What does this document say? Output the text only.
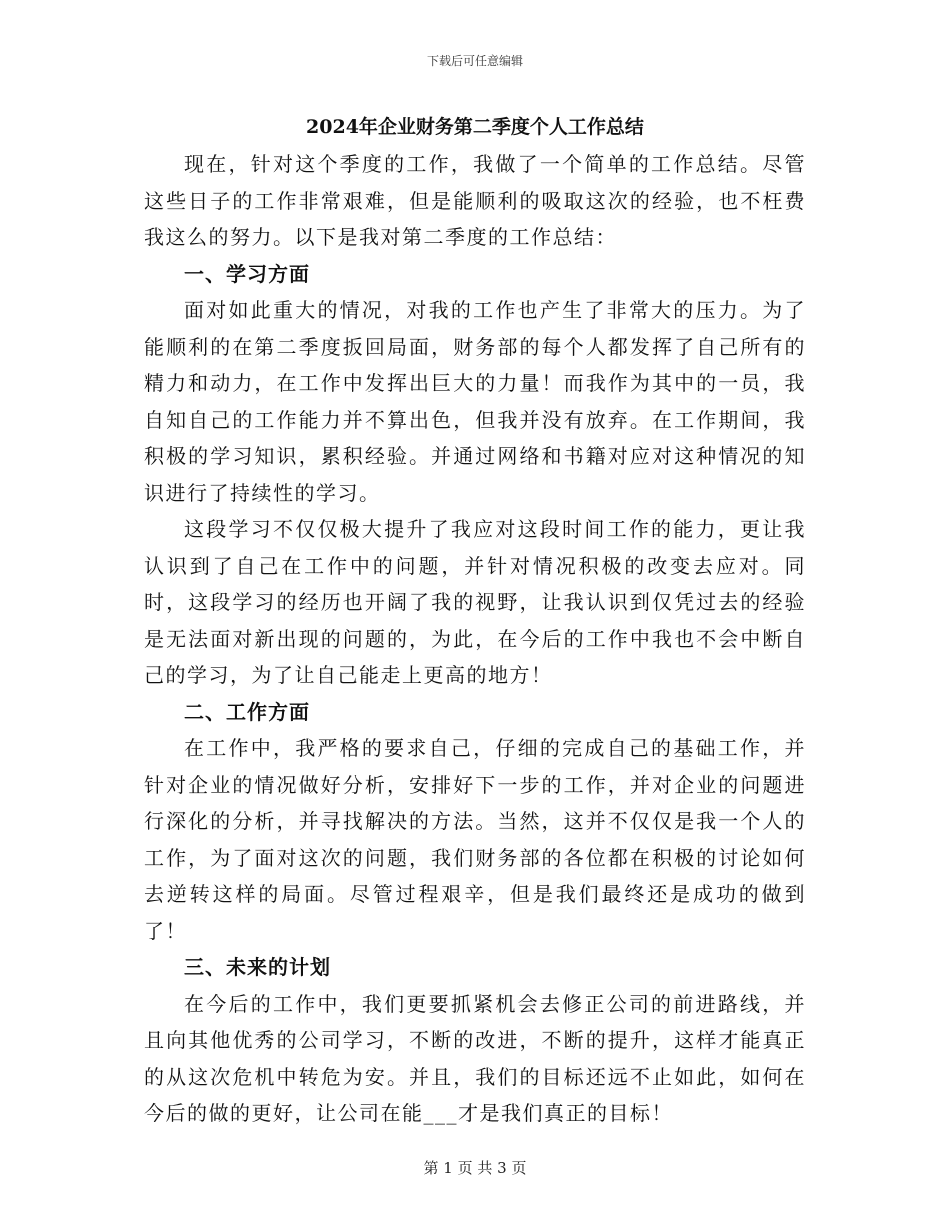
下载后可任意编辑
2024年企业财务第二季度个人工作总结

现在，针对这个季度的工作，我做了一个简单的工作总结。尽管这些日子的工作非常艰难，但是能顺利的吸取这次的经验，也不枉费我这么的努力。以下是我对第二季度的工作总结：

一、学习方面

面对如此重大的情况，对我的工作也产生了非常大的压力。为了能顺利的在第二季度扳回局面，财务部的每个人都发挥了自己所有的精力和动力，在工作中发挥出巨大的力量！而我作为其中的一员，我自知自己的工作能力并不算出色，但我并没有放弃。在工作期间，我积极的学习知识，累积经验。并通过网络和书籍对应对这种情况的知识进行了持续性的学习。

这段学习不仅仅极大提升了我应对这段时间工作的能力，更让我认识到了自己在工作中的问题，并针对情况积极的改变去应对。同时，这段学习的经历也开阔了我的视野，让我认识到仅凭过去的经验是无法面对新出现的问题的，为此，在今后的工作中我也不会中断自己的学习，为了让自己能走上更高的地方！

二、工作方面

在工作中，我严格的要求自己，仔细的完成自己的基础工作，并针对企业的情况做好分析，安排好下一步的工作，并对企业的问题进行深化的分析，并寻找解决的方法。当然，这并不仅仅是我一个人的工作，为了面对这次的问题，我们财务部的各位都在积极的讨论如何去逆转这样的局面。尽管过程艰辛，但是我们最终还是成功的做到了！

三、未来的计划

在今后的工作中，我们更要抓紧机会去修正公司的前进路线，并且向其他优秀的公司学习，不断的改进，不断的提升，这样才能真正的从这次危机中转危为安。并且，我们的目标还远不止如此，如何在今后的做的更好，让公司在能___才是我们真正的目标！

第 1 页 共 3 页
